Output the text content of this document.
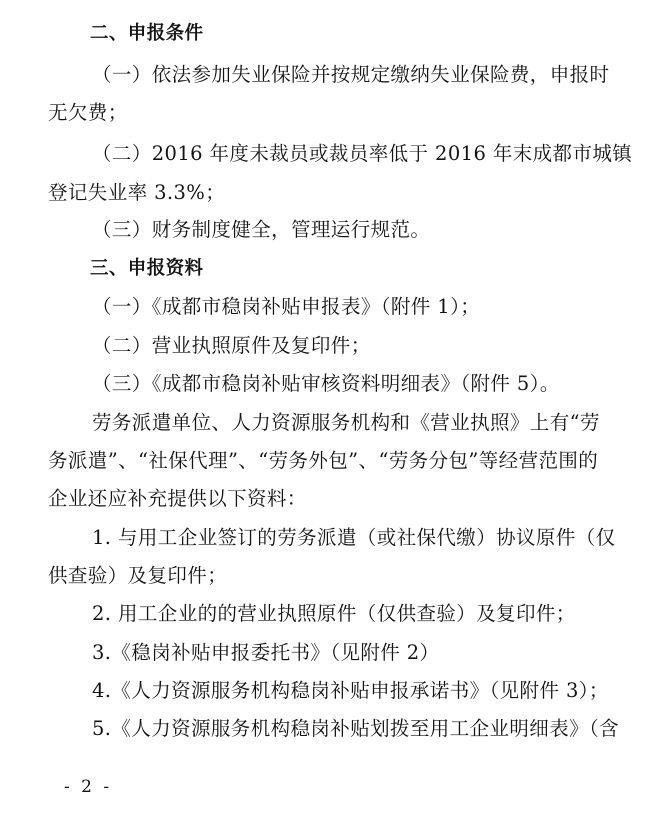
二、申报条件
（一）依法参加失业保险并按规定缴纳失业保险费，申报时
无欠费；
（二）2016 年度未裁员或裁员率低于 2016 年末成都市城镇
登记失业率 3.3%；
（三）财务制度健全，管理运行规范。
三、申报资料
（一）《成都市稳岗补贴申报表》（附件 1）；
（二）营业执照原件及复印件；
（三）《成都市稳岗补贴审核资料明细表》（附件 5）。
劳务派遣单位、人力资源服务机构和《营业执照》上有“劳
务派遣”、“社保代理”、“劳务外包”、“劳务分包”等经营范围的
企业还应补充提供以下资料：
1. 与用工企业签订的劳务派遣（或社保代缴）协议原件（仅
供查验）及复印件；
2. 用工企业的的营业执照原件（仅供查验）及复印件；
3.《稳岗补贴申报委托书》（见附件 2）
4.《人力资源服务机构稳岗补贴申报承诺书》（见附件 3）；
5.《人力资源服务机构稳岗补贴划拨至用工企业明细表》（含
- 2 -
